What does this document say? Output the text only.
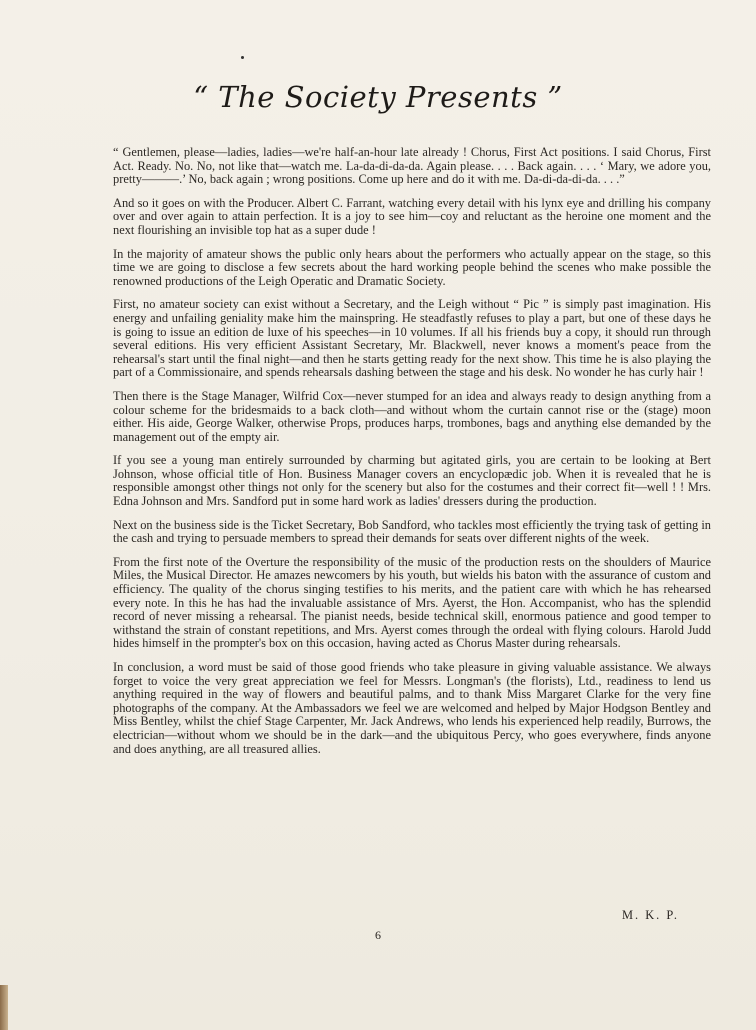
“ The Society Presents ”

“ Gentlemen, please—ladies, ladies—we're half-an-hour late already ! Chorus, First Act positions. I said Chorus, First Act. Ready. No. No, not like that—watch me. La-da-di-da-da. Again please. . . . Back again. . . . ‘ Mary, we adore you, pretty———.’ No, back again ; wrong positions. Come up here and do it with me. Da-di-da-di-da. . . .”

And so it goes on with the Producer. Albert C. Farrant, watching every detail with his lynx eye and drilling his company over and over again to attain perfection. It is a joy to see him—coy and reluctant as the heroine one moment and the next flourishing an invisible top hat as a super dude !

In the majority of amateur shows the public only hears about the performers who actually appear on the stage, so this time we are going to disclose a few secrets about the hard working people behind the scenes who make possible the renowned productions of the Leigh Operatic and Dramatic Society.

First, no amateur society can exist without a Secretary, and the Leigh without “ Pic ” is simply past imagination. His energy and unfailing geniality make him the mainspring. He steadfastly refuses to play a part, but one of these days he is going to issue an edition de luxe of his speeches—in 10 volumes. If all his friends buy a copy, it should run through several editions. His very efficient Assistant Secretary, Mr. Blackwell, never knows a moment's peace from the rehearsal's start until the final night—and then he starts getting ready for the next show. This time he is also playing the part of a Commissionaire, and spends rehearsals dashing between the stage and his desk. No wonder he has curly hair !

Then there is the Stage Manager, Wilfrid Cox—never stumped for an idea and always ready to design anything from a colour scheme for the bridesmaids to a back cloth—and without whom the curtain cannot rise or the (stage) moon either. His aide, George Walker, otherwise Props, produces harps, trombones, bags and anything else demanded by the management out of the empty air.

If you see a young man entirely surrounded by charming but agitated girls, you are certain to be looking at Bert Johnson, whose official title of Hon. Business Manager covers an encyclopædic job. When it is revealed that he is responsible amongst other things not only for the scenery but also for the costumes and their correct fit—well ! ! Mrs. Edna Johnson and Mrs. Sandford put in some hard work as ladies' dressers during the production.

Next on the business side is the Ticket Secretary, Bob Sandford, who tackles most efficiently the trying task of getting in the cash and trying to persuade members to spread their demands for seats over different nights of the week.

From the first note of the Overture the responsibility of the music of the production rests on the shoulders of Maurice Miles, the Musical Director. He amazes newcomers by his youth, but wields his baton with the assurance of custom and efficiency. The quality of the chorus singing testifies to his merits, and the patient care with which he has rehearsed every note. In this he has had the invaluable assistance of Mrs. Ayerst, the Hon. Accompanist, who has the splendid record of never missing a rehearsal. The pianist needs, beside technical skill, enormous patience and good temper to withstand the strain of constant repetitions, and Mrs. Ayerst comes through the ordeal with flying colours. Harold Judd hides himself in the prompter's box on this occasion, having acted as Chorus Master during rehearsals.

In conclusion, a word must be said of those good friends who take pleasure in giving valuable assistance. We always forget to voice the very great appreciation we feel for Messrs. Longman's (the florists), Ltd., readiness to lend us anything required in the way of flowers and beautiful palms, and to thank Miss Margaret Clarke for the very fine photographs of the company. At the Ambassadors we feel we are welcomed and helped by Major Hodgson Bentley and Miss Bentley, whilst the chief Stage Carpenter, Mr. Jack Andrews, who lends his experienced help readily, Burrows, the electrician—without whom we should be in the dark—and the ubiquitous Percy, who goes everywhere, finds anyone and does anything, are all treasured allies.

M. K. P.
6
